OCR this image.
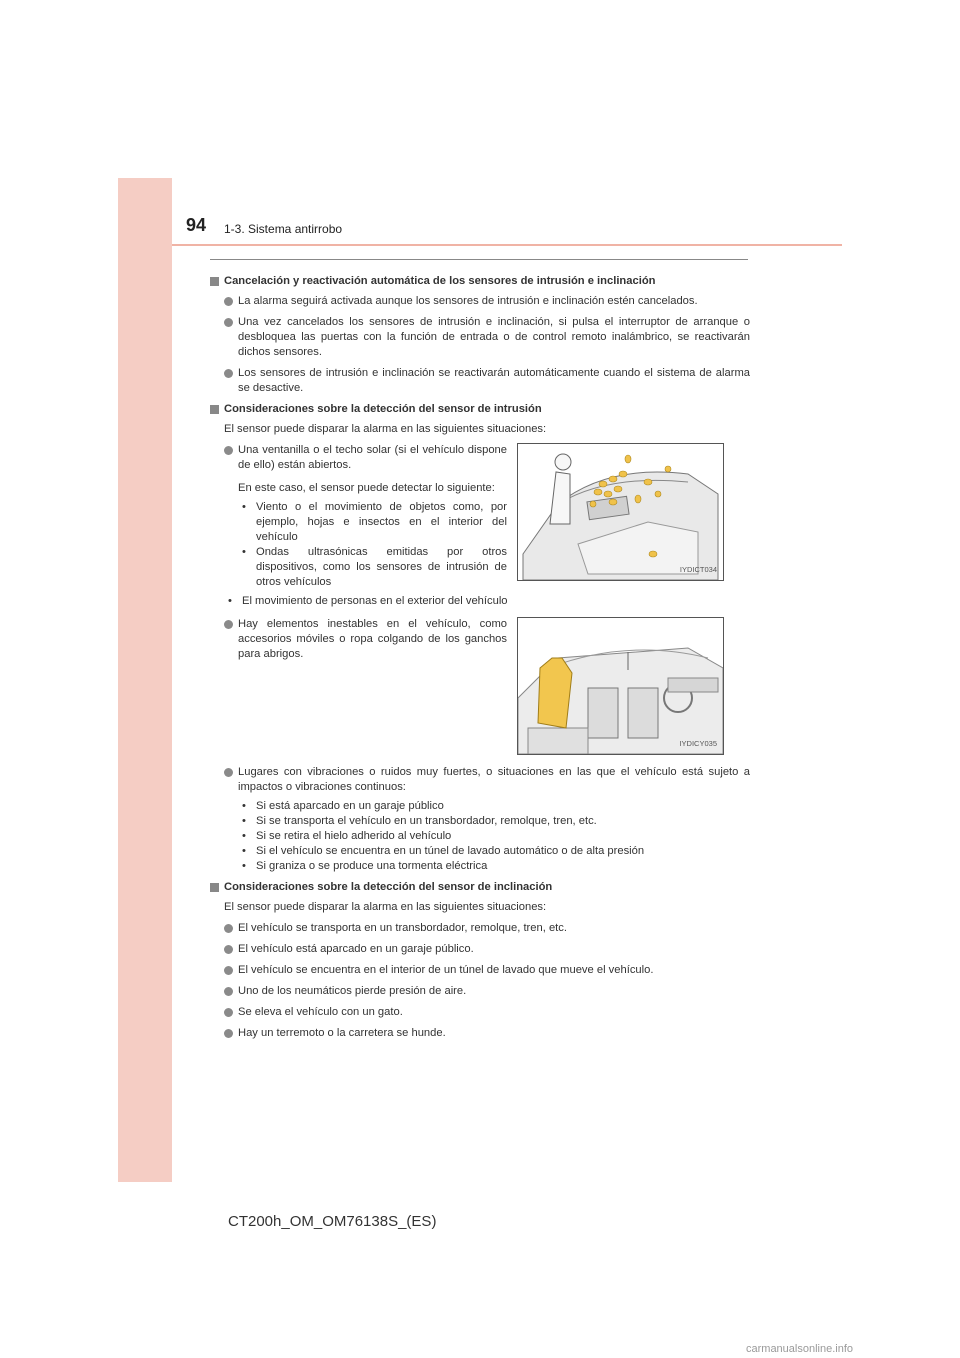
94 1-3. Sistema antirrobo
Cancelación y reactivación automática de los sensores de intrusión e inclinación
La alarma seguirá activada aunque los sensores de intrusión e inclinación estén cancelados.
Una vez cancelados los sensores de intrusión e inclinación, si pulsa el interruptor de arranque o desbloquea las puertas con la función de entrada o de control remoto inalámbrico, se reactivarán dichos sensores.
Los sensores de intrusión e inclinación se reactivarán automáticamente cuando el sistema de alarma se desactive.
Consideraciones sobre la detección del sensor de intrusión
El sensor puede disparar la alarma en las siguientes situaciones:
Una ventanilla o el techo solar (si el vehículo dispone de ello) están abiertos.
En este caso, el sensor puede detectar lo siguiente:
• Viento o el movimiento de objetos como, por ejemplo, hojas e insectos en el interior del vehículo
• Ondas ultrasónicas emitidas por otros dispositivos, como los sensores de intrusión de otros vehículos
IYDICT034
• El movimiento de personas en el exterior del vehículo
Hay elementos inestables en el vehículo, como accesorios móviles o ropa colgando de los ganchos para abrigos.
IYDICY035
Lugares con vibraciones o ruidos muy fuertes, o situaciones en las que el vehículo está sujeto a impactos o vibraciones continuos:
• Si está aparcado en un garaje público
• Si se transporta el vehículo en un transbordador, remolque, tren, etc.
• Si se retira el hielo adherido al vehículo
• Si el vehículo se encuentra en un túnel de lavado automático o de alta presión
• Si graniza o se produce una tormenta eléctrica
Consideraciones sobre la detección del sensor de inclinación
El sensor puede disparar la alarma en las siguientes situaciones:
El vehículo se transporta en un transbordador, remolque, tren, etc.
El vehículo está aparcado en un garaje público.
El vehículo se encuentra en el interior de un túnel de lavado que mueve el vehículo.
Uno de los neumáticos pierde presión de aire.
Se eleva el vehículo con un gato.
Hay un terremoto o la carretera se hunde.
CT200h_OM_OM76138S_(ES)
carmanualsonline.info
